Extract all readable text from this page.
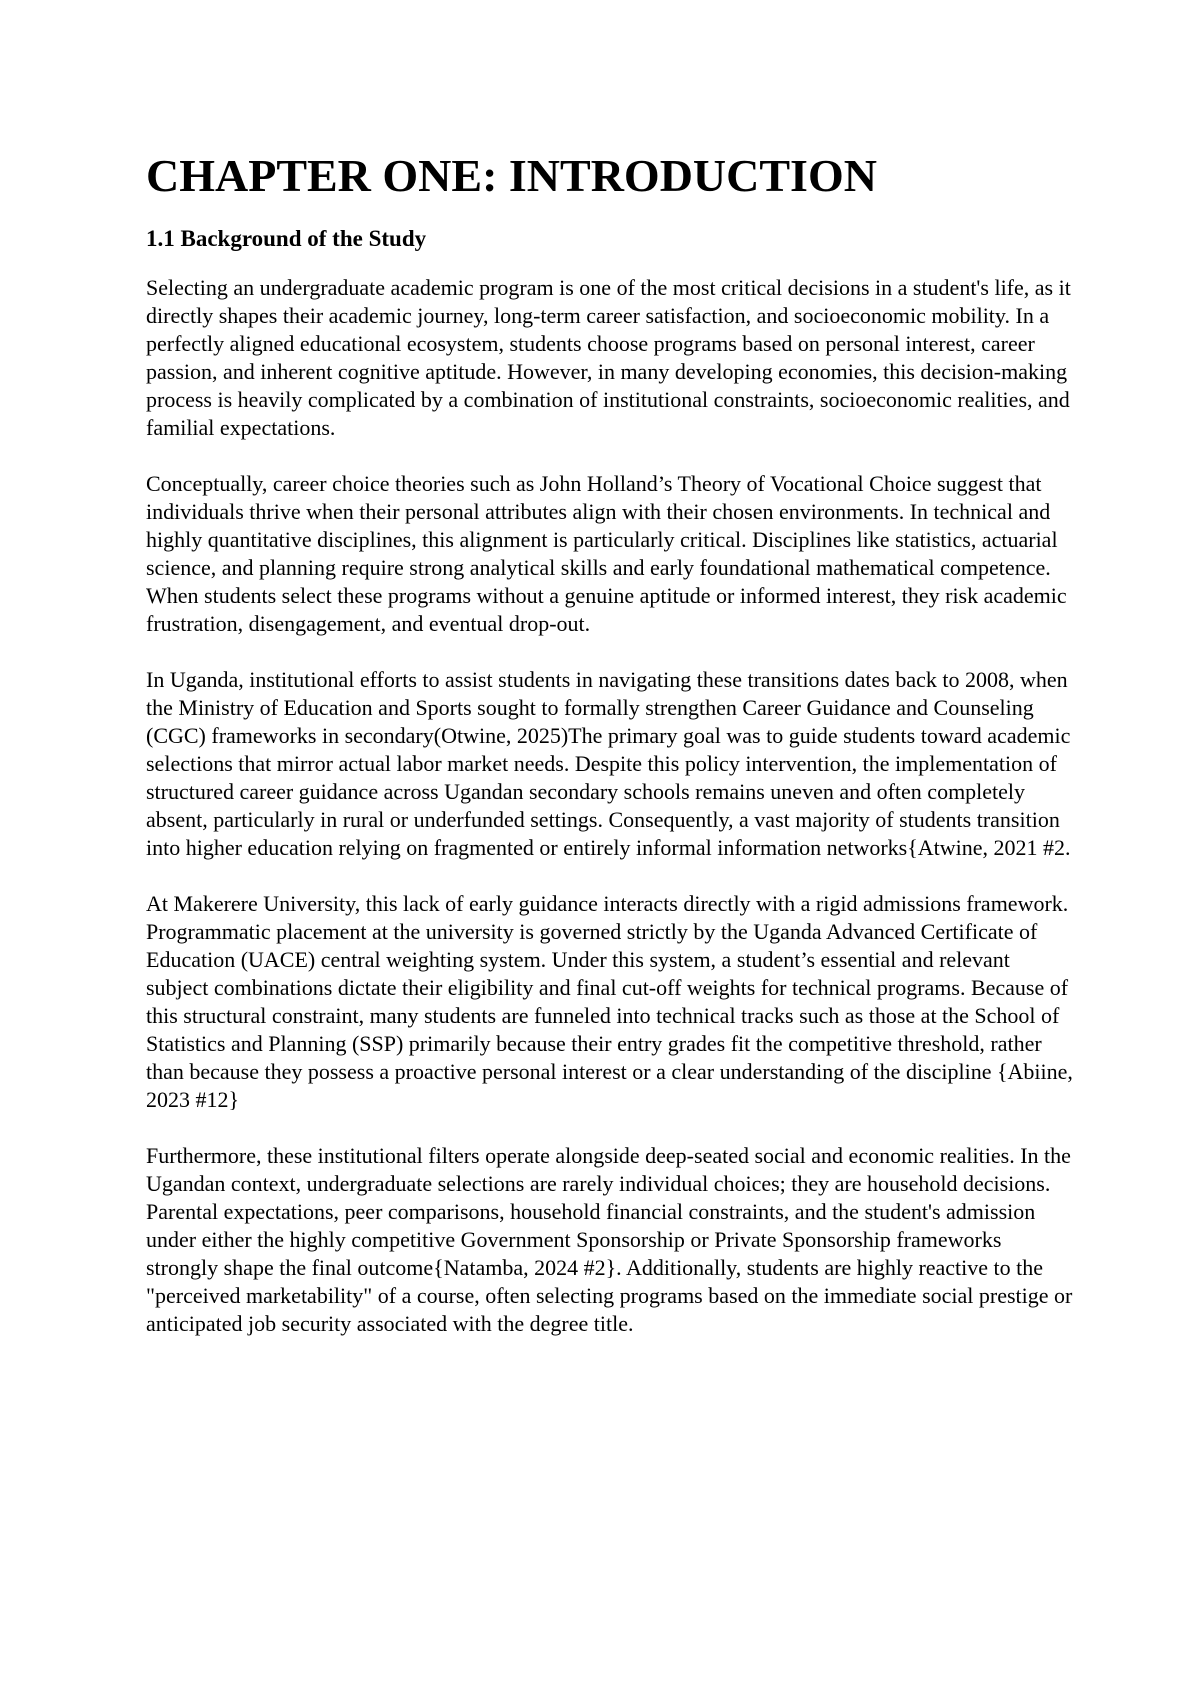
CHAPTER ONE: INTRODUCTION
1.1 Background of the Study

Selecting an undergraduate academic program is one of the most critical decisions in a student's life, as it directly shapes their academic journey, long-term career satisfaction, and socioeconomic mobility. In a perfectly aligned educational ecosystem, students choose programs based on personal interest, career passion, and inherent cognitive aptitude. However, in many developing economies, this decision-making process is heavily complicated by a combination of institutional constraints, socioeconomic realities, and familial expectations.

Conceptually, career choice theories such as John Holland’s Theory of Vocational Choice suggest that individuals thrive when their personal attributes align with their chosen environments. In technical and highly quantitative disciplines, this alignment is particularly critical. Disciplines like statistics, actuarial science, and planning require strong analytical skills and early foundational mathematical competence. When students select these programs without a genuine aptitude or informed interest, they risk academic frustration, disengagement, and eventual drop-out.

In Uganda, institutional efforts to assist students in navigating these transitions dates back to 2008, when the Ministry of Education and Sports sought to formally strengthen Career Guidance and Counseling (CGC) frameworks in secondary(Otwine, 2025)The primary goal was to guide students toward academic selections that mirror actual labor market needs. Despite this policy intervention, the implementation of structured career guidance across Ugandan secondary schools remains uneven and often completely absent, particularly in rural or underfunded settings. Consequently, a vast majority of students transition into higher education relying on fragmented or entirely informal information networks{Atwine, 2021 #2.

At Makerere University, this lack of early guidance interacts directly with a rigid admissions framework. Programmatic placement at the university is governed strictly by the Uganda Advanced Certificate of Education (UACE) central weighting system. Under this system, a student’s essential and relevant subject combinations dictate their eligibility and final cut-off weights for technical programs. Because of this structural constraint, many students are funneled into technical tracks such as those at the School of Statistics and Planning (SSP) primarily because their entry grades fit the competitive threshold, rather than because they possess a proactive personal interest or a clear understanding of the discipline {Abiine, 2023 #12}

Furthermore, these institutional filters operate alongside deep-seated social and economic realities. In the Ugandan context, undergraduate selections are rarely individual choices; they are household decisions. Parental expectations, peer comparisons, household financial constraints, and the student's admission under either the highly competitive Government Sponsorship or Private Sponsorship frameworks strongly shape the final outcome{Natamba, 2024 #2}. Additionally, students are highly reactive to the "perceived marketability" of a course, often selecting programs based on the immediate social prestige or anticipated job security associated with the degree title.
